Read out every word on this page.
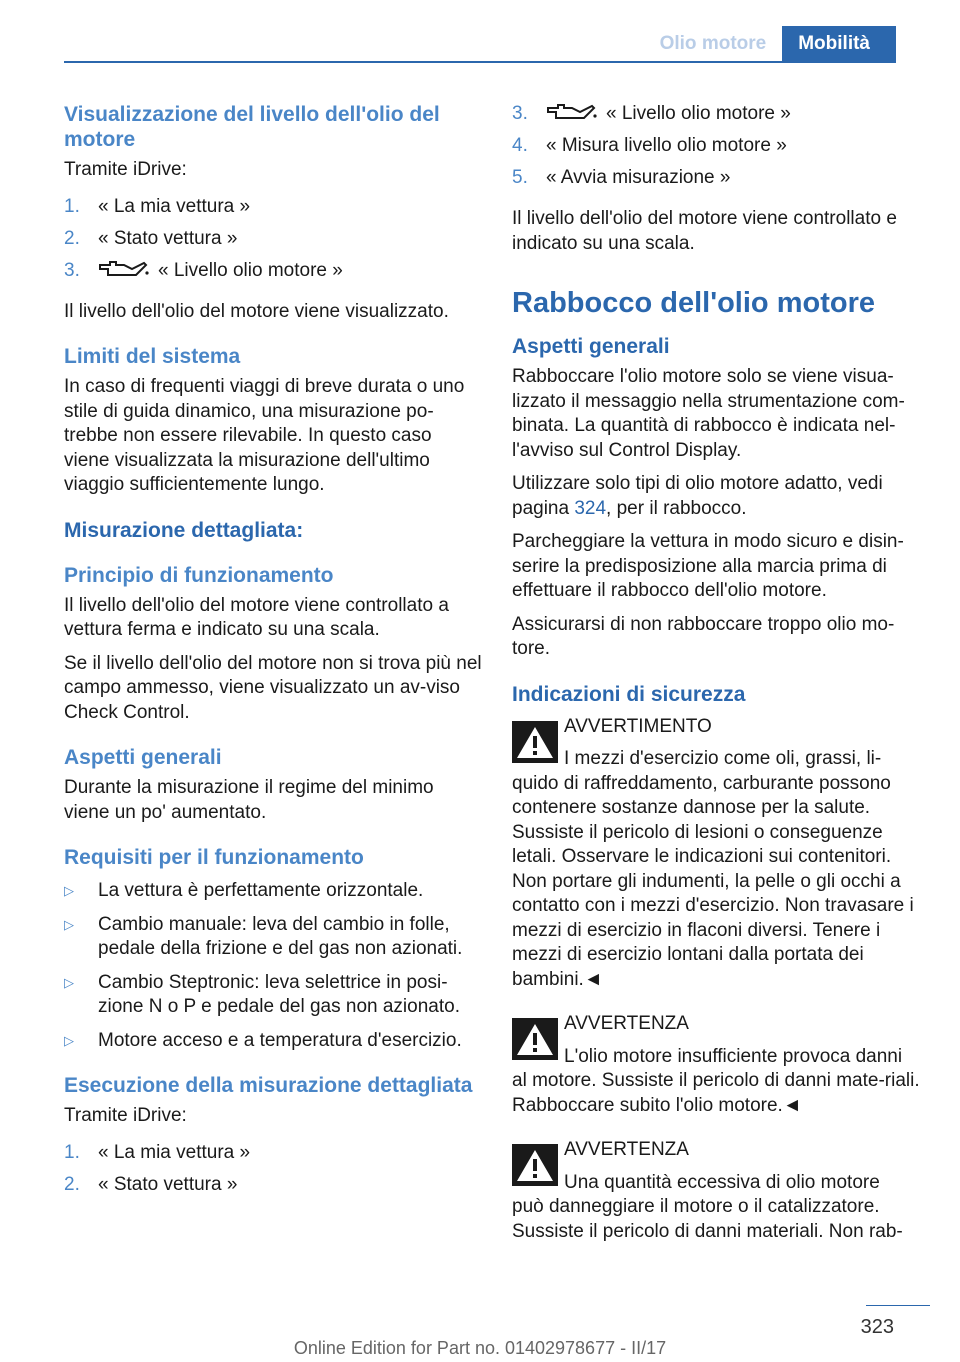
Olio motore	Mobilità
Visualizzazione del livello dell'olio del motore

Tramite iDrive:

1. « La mia vettura »
2. « Stato vettura »
3.	« Livello olio motore »

Il livello dell'olio del motore viene visualizzato.

Limiti del sistema

In caso di frequenti viaggi di breve durata o uno stile di guida dinamico, una misurazione po-trebbe non essere rilevabile. In questo caso viene visualizzata la misurazione dell'ultimo viaggio sufficientemente lungo.

Misurazione dettagliata:
Principio di funzionamento

Il livello dell'olio del motore viene controllato a vettura ferma e indicato su una scala.

Se il livello dell'olio del motore non si trova più nel campo ammesso, viene visualizzato un av-viso Check Control.

Aspetti generali

Durante la misurazione il regime del minimo viene un po' aumentato.

Requisiti per il funzionamento
▷	La vettura è perfettamente orizzontale.
▷	Cambio manuale: leva del cambio in folle, pedale della frizione e del gas non azionati.
▷	Cambio Steptronic: leva selettrice in posi-zione N o P e pedale del gas non azionato.
▷	Motore acceso e a temperatura d'esercizio.
Esecuzione della misurazione dettagliata

Tramite iDrive:

1. « La mia vettura »
2. « Stato vettura »
3.	« Livello olio motore »
4. « Misura livello olio motore »
5. « Avvia misurazione »

Il livello dell'olio del motore viene controllato e indicato su una scala.

Rabbocco dell'olio motore
Aspetti generali

Rabboccare l'olio motore solo se viene visua-lizzato il messaggio nella strumentazione com-binata. La quantità di rabbocco è indicata nel-l'avviso sul Control Display.

Utilizzare solo tipi di olio motore adatto, vedi pagina 324, per il rabbocco.

Parcheggiare la vettura in modo sicuro e disin-serire la predisposizione alla marcia prima di effettuare il rabbocco dell'olio motore.

Assicurarsi di non rabboccare troppo olio mo-tore.

Indicazioni di sicurezza
AVVERTIMENTO
I mezzi d'esercizio come oli, grassi, li-
quido di raffreddamento, carburante possono contenere sostanze dannose per la salute. Sussiste il pericolo di lesioni o conseguenze letali. Osservare le indicazioni sui contenitori. Non portare gli indumenti, la pelle o gli occhi a contatto con i mezzi d'esercizio. Non travasare i mezzi di esercizio in flaconi diversi. Tenere i mezzi di esercizio lontani dalla portata dei bambini.◄
AVVERTENZA
L'olio motore insufficiente provoca danni
al motore. Sussiste il pericolo di danni mate-riali. Rabboccare subito l'olio motore.◄
AVVERTENZA
Una quantità eccessiva di olio motore
può danneggiare il motore o il catalizzatore. Sussiste il pericolo di danni materiali. Non rab-
323
Online Edition for Part no. 01402978677 - II/17
